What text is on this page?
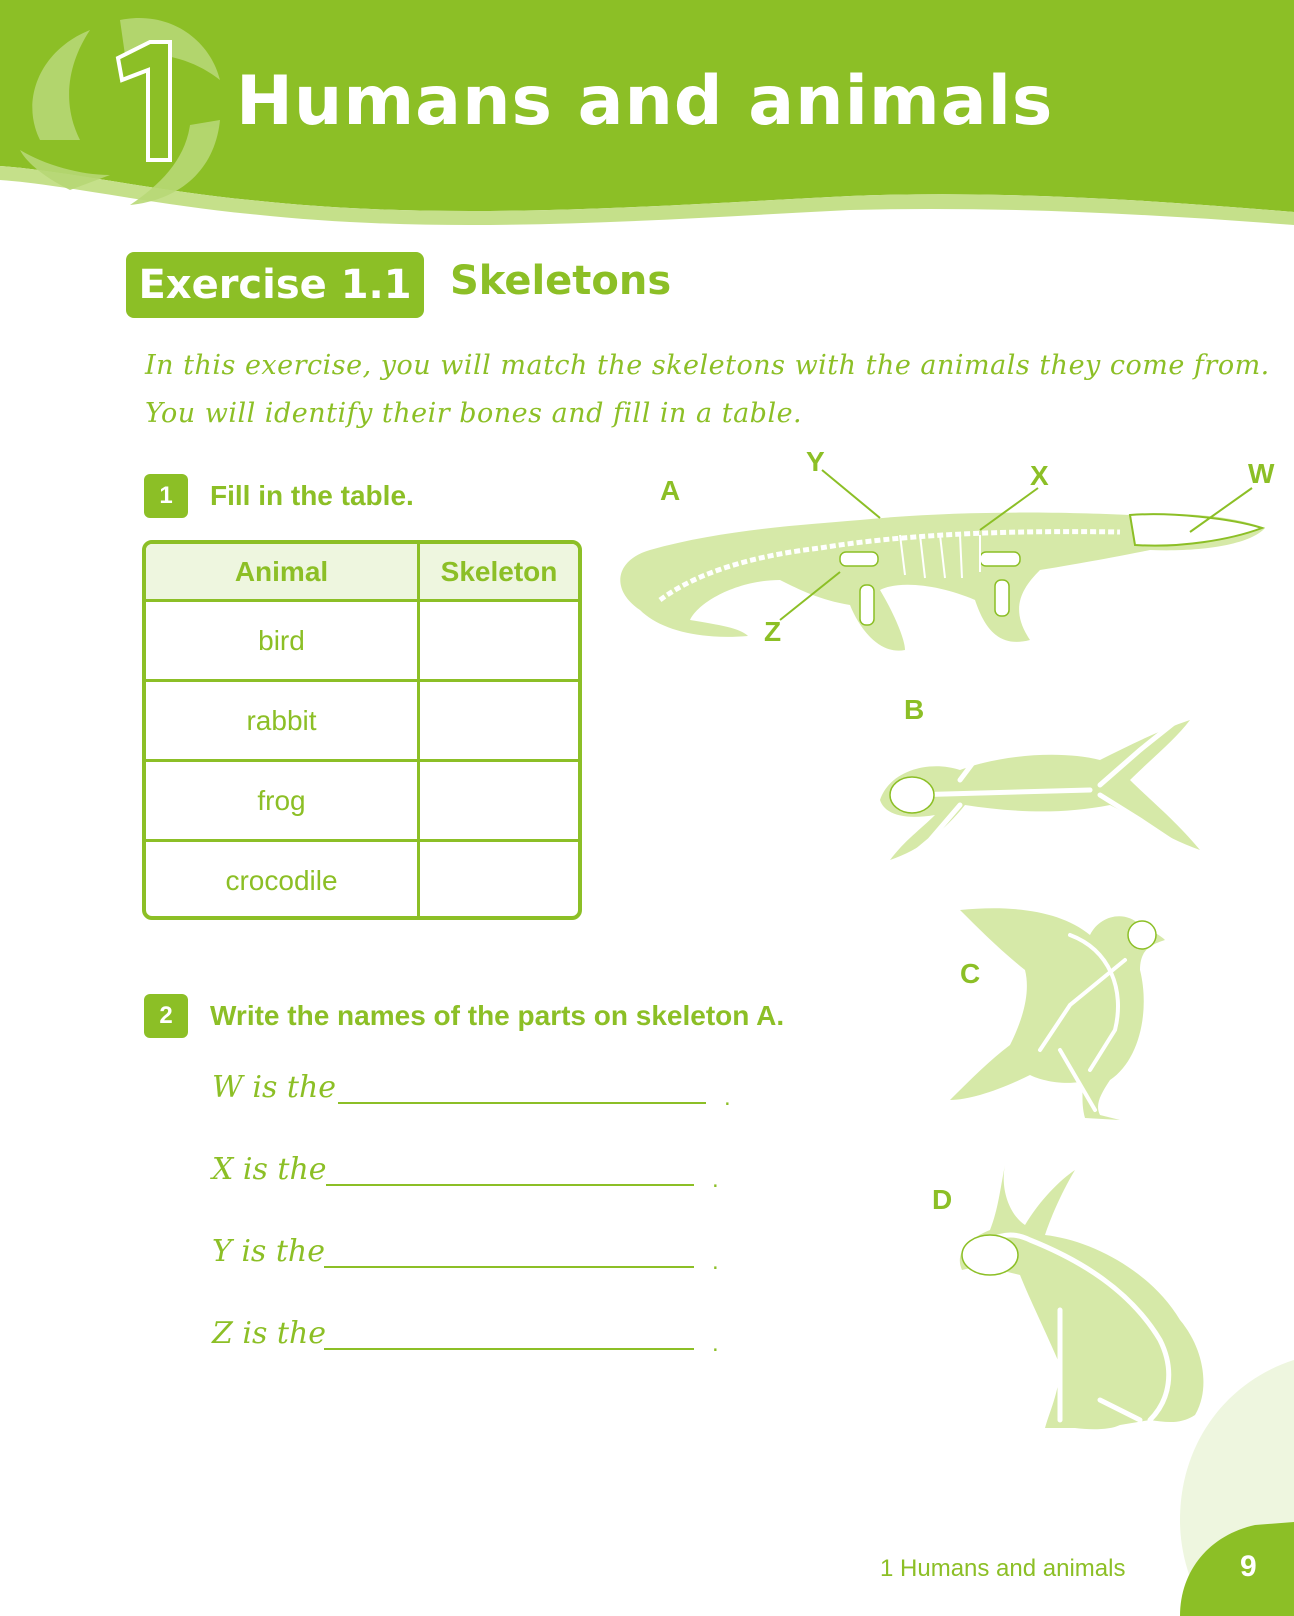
Humans and animals
Exercise 1.1 Skeletons
In this exercise, you will match the skeletons with the animals they come from.
You will identify their bones and fill in a table.
1	Fill in the table.
Animal	Skeleton
bird
rabbit
frog
crocodile
2	Write the names of the parts on skeleton A.
W is the	.
X is the	.
Y is the	.
Z is the	.
A
B
C
D
W
X
Y
Z
1 Humans and animals	9
